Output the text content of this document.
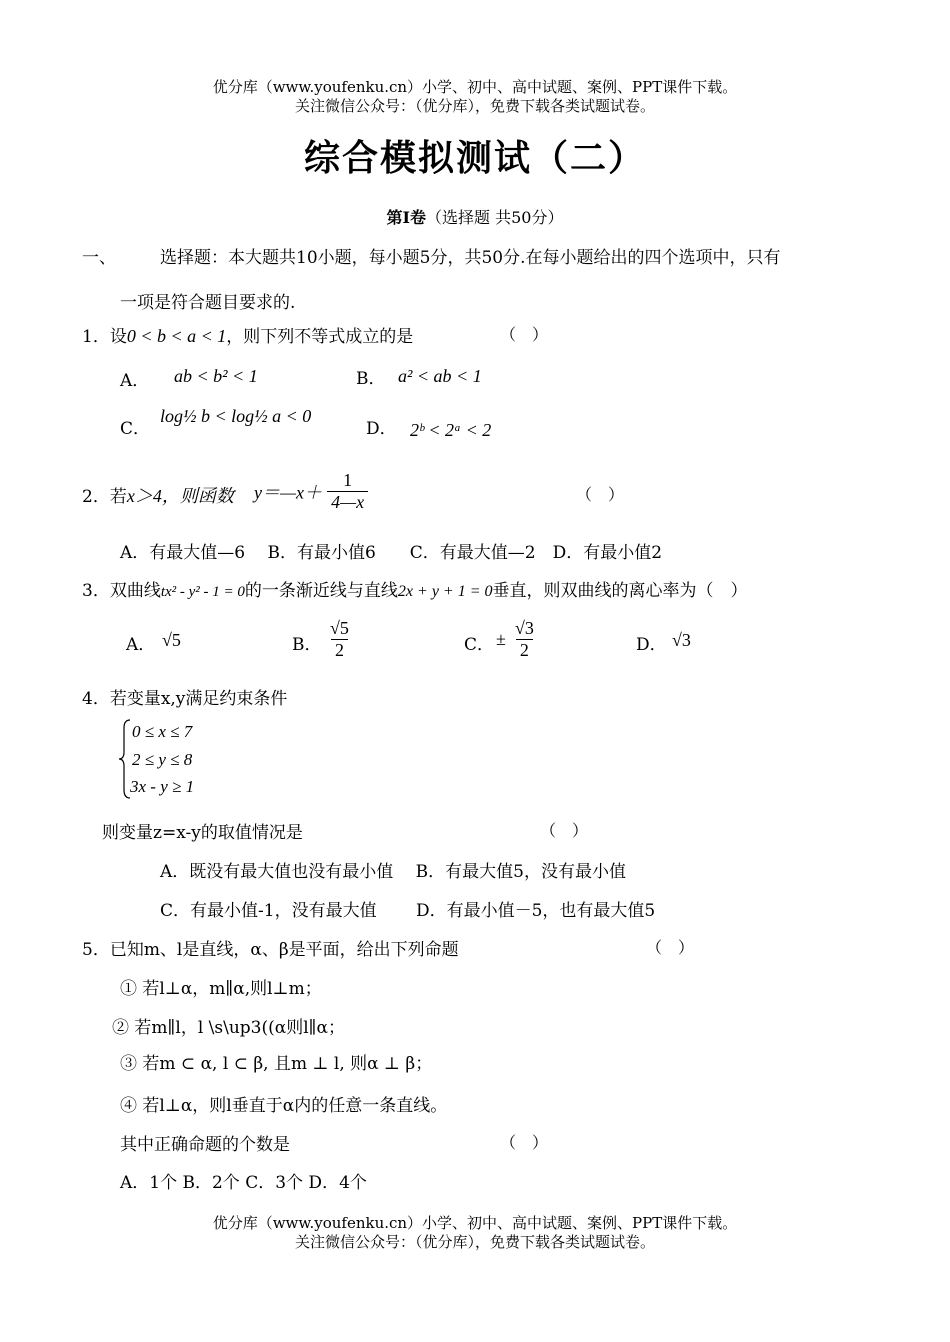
优分库（www.youfenku.cn）小学、初中、高中试题、案例、PPT课件下载。
关注微信公众号：（优分库），免费下载各类试题试卷。
综合模拟测试（二）
第Ⅰ卷（选择题 共50分）
一、	选择题：本大题共10小题，每小题5分，共50分.在每小题给出的四个选项中，只有
一项是符合题目要求的.
1．设0 < b < a < 1，则下列不等式成立的是	（　）
A． ab < b² < 1	B． a² < ab < 1
C．
log½ b < log½ a < 0
D． 2ᵇ < 2ᵃ < 2
2．若x＞4，则函数 y＝—x＋ $\frac{1}{4—x}$	（　）
A．有最大值—6　 B．有最小值6　　C．有最大值—2　D．有最小值2
3．双曲线tx² - y² - 1 = 0的一条渐近线与直线2x + y + 1 = 0垂直，则双曲线的离心率为（　）
A． √5	B． $\frac{√5}{2}$	C． ± $\frac{√3}{2}$	D． √3
4．若变量x,y满足约束条件
0 ≤ x ≤ 7
2 ≤ y ≤ 8
3x - y ≥ 1
则变量z=x-y的取值情况是	（　）
A．既没有最大值也没有最小值　 B．有最大值5，没有最小值
C．有最小值-1，没有最大值　　 D．有最小值－5，也有最大值5
5．已知m、l是直线，α、β是平面，给出下列命题	（　）
① 若l⊥α，m∥α,则l⊥m；
② 若m∥l，l \s\up3((α则l∥α；
③ 若m ⊂ α, l ⊂ β, 且m ⊥ l, 则α ⊥ β；
④ 若l⊥α，则l垂直于α内的任意一条直线。
其中正确命题的个数是	（　）
A．1个 B．2个 C．3个 D．4个
优分库（www.youfenku.cn）小学、初中、高中试题、案例、PPT课件下载。
关注微信公众号：（优分库），免费下载各类试题试卷。
